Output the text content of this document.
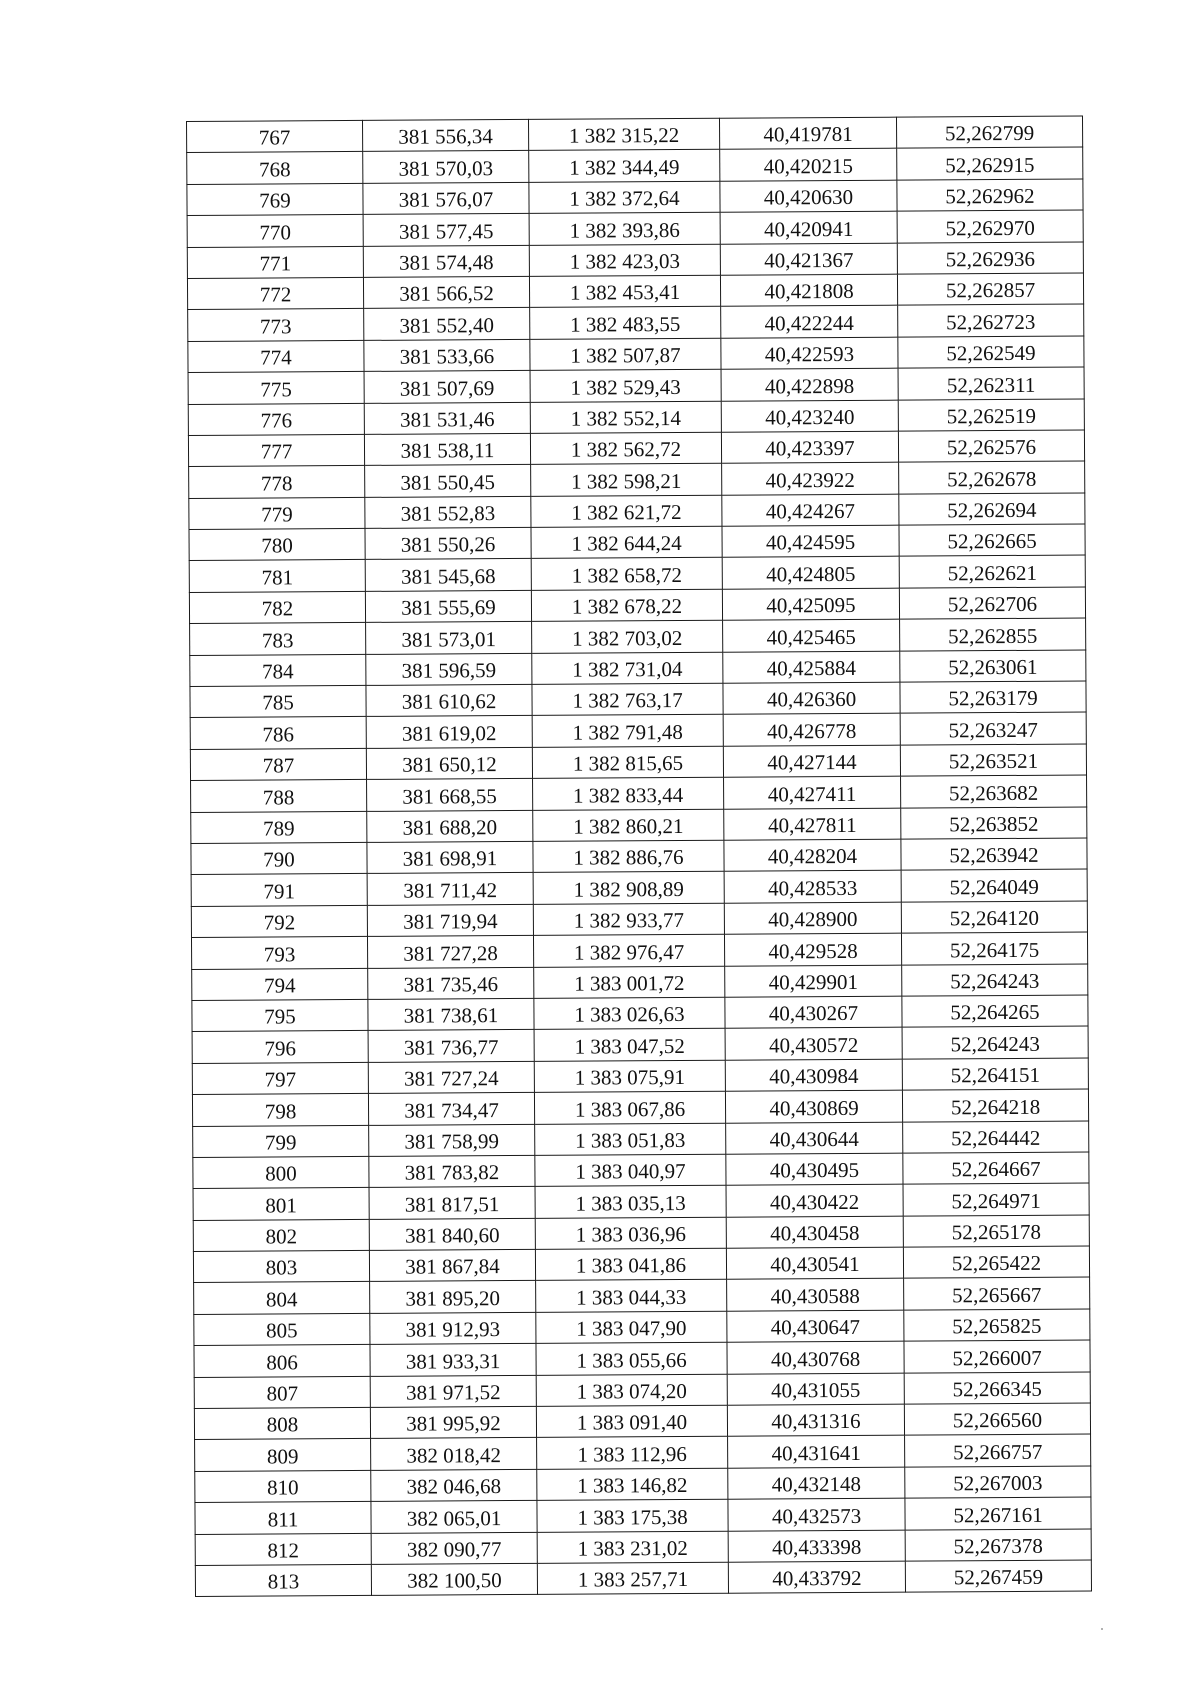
767	381 556,34	1 382 315,22	40,419781	52,262799
768	381 570,03	1 382 344,49	40,420215	52,262915
769	381 576,07	1 382 372,64	40,420630	52,262962
770	381 577,45	1 382 393,86	40,420941	52,262970
771	381 574,48	1 382 423,03	40,421367	52,262936
772	381 566,52	1 382 453,41	40,421808	52,262857
773	381 552,40	1 382 483,55	40,422244	52,262723
774	381 533,66	1 382 507,87	40,422593	52,262549
775	381 507,69	1 382 529,43	40,422898	52,262311
776	381 531,46	1 382 552,14	40,423240	52,262519
777	381 538,11	1 382 562,72	40,423397	52,262576
778	381 550,45	1 382 598,21	40,423922	52,262678
779	381 552,83	1 382 621,72	40,424267	52,262694
780	381 550,26	1 382 644,24	40,424595	52,262665
781	381 545,68	1 382 658,72	40,424805	52,262621
782	381 555,69	1 382 678,22	40,425095	52,262706
783	381 573,01	1 382 703,02	40,425465	52,262855
784	381 596,59	1 382 731,04	40,425884	52,263061
785	381 610,62	1 382 763,17	40,426360	52,263179
786	381 619,02	1 382 791,48	40,426778	52,263247
787	381 650,12	1 382 815,65	40,427144	52,263521
788	381 668,55	1 382 833,44	40,427411	52,263682
789	381 688,20	1 382 860,21	40,427811	52,263852
790	381 698,91	1 382 886,76	40,428204	52,263942
791	381 711,42	1 382 908,89	40,428533	52,264049
792	381 719,94	1 382 933,77	40,428900	52,264120
793	381 727,28	1 382 976,47	40,429528	52,264175
794	381 735,46	1 383 001,72	40,429901	52,264243
795	381 738,61	1 383 026,63	40,430267	52,264265
796	381 736,77	1 383 047,52	40,430572	52,264243
797	381 727,24	1 383 075,91	40,430984	52,264151
798	381 734,47	1 383 067,86	40,430869	52,264218
799	381 758,99	1 383 051,83	40,430644	52,264442
800	381 783,82	1 383 040,97	40,430495	52,264667
801	381 817,51	1 383 035,13	40,430422	52,264971
802	381 840,60	1 383 036,96	40,430458	52,265178
803	381 867,84	1 383 041,86	40,430541	52,265422
804	381 895,20	1 383 044,33	40,430588	52,265667
805	381 912,93	1 383 047,90	40,430647	52,265825
806	381 933,31	1 383 055,66	40,430768	52,266007
807	381 971,52	1 383 074,20	40,431055	52,266345
808	381 995,92	1 383 091,40	40,431316	52,266560
809	382 018,42	1 383 112,96	40,431641	52,266757
810	382 046,68	1 383 146,82	40,432148	52,267003
811	382 065,01	1 383 175,38	40,432573	52,267161
812	382 090,77	1 383 231,02	40,433398	52,267378
813	382 100,50	1 383 257,71	40,433792	52,267459
